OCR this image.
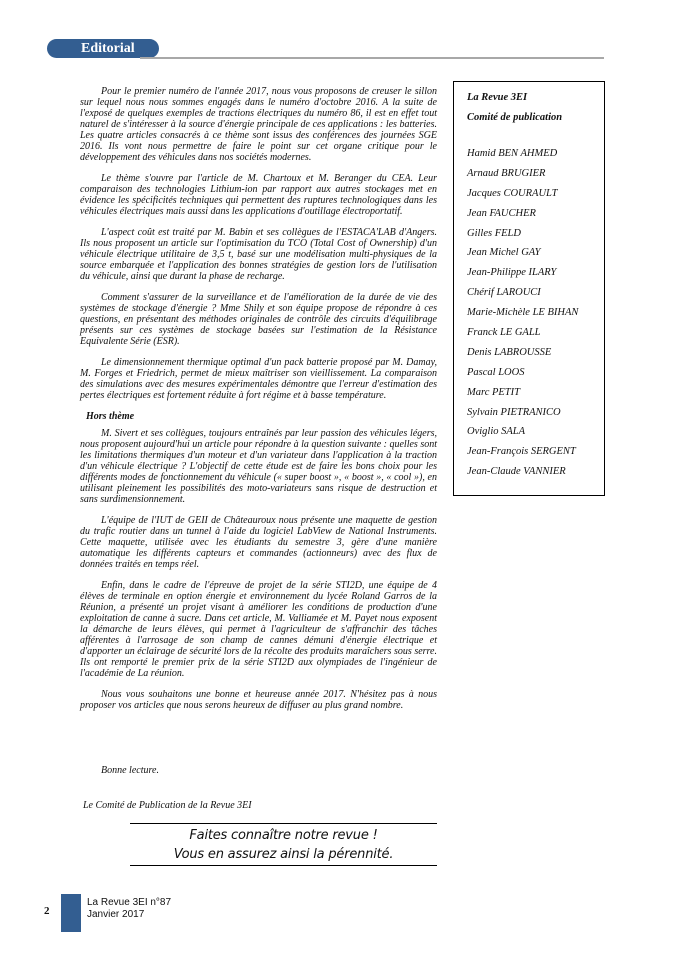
Editorial

Pour le premier numéro de l'année 2017, nous vous proposons de creuser le sillon sur lequel nous nous sommes engagés dans le numéro d'octobre 2016. A la suite de l'exposé de quelques exemples de tractions électriques du numéro 86, il est en effet tout naturel de s'intéresser à la source d'énergie principale de ces applications : les batteries. Les quatre articles consacrés à ce thème sont issus des conférences des journées SGE 2016. Ils vont nous permettre de faire le point sur cet organe critique pour le développement des véhicules dans nos sociétés modernes.

Le thème s'ouvre par l'article de M. Chartoux et M. Beranger du CEA. Leur comparaison des technologies Lithium-ion par rapport aux autres stockages met en évidence les spécificités techniques qui permettent des ruptures technologiques dans les véhicules électriques mais aussi dans les applications d'outillage électroportatif.

L'aspect coût est traité par M. Babin et ses collègues de l'ESTACA'LAB d'Angers. Ils nous proposent un article sur l'optimisation du TCO (Total Cost of Ownership) d'un véhicule électrique utilitaire de 3,5 t, basé sur une modélisation multi-physiques de la source embarquée et l'application des bonnes stratégies de gestion lors de l'utilisation du véhicule, ainsi que durant la phase de recharge.

Comment s'assurer de la surveillance et de l'amélioration de la durée de vie des systèmes de stockage d'énergie ? Mme Shily et son équipe propose de répondre à ces questions, en présentant des méthodes originales de contrôle des circuits d'équilibrage présents sur ces systèmes de stockage basées sur l'estimation de la Résistance Equivalente Série (ESR).

Le dimensionnement thermique optimal d'un pack batterie proposé par M. Damay, M. Forges et Friedrich, permet de mieux maîtriser son vieillissement. La comparaison des simulations avec des mesures expérimentales démontre que l'erreur d'estimation des pertes électriques est fortement réduite à fort régime et à basse température.

Hors thème

M. Sivert et ses collègues, toujours entraînés par leur passion des véhicules légers, nous proposent aujourd'hui un article pour répondre à la question suivante : quelles sont les limitations thermiques d'un moteur et d'un variateur dans l'application à la traction d'un véhicule électrique ? L'objectif de cette étude est de faire les bons choix pour les différents modes de fonctionnement du véhicule (« super boost », « boost », « cool »), en utilisant pleinement les possibilités des moto-variateurs sans risque de destruction et sans surdimensionnement.

L'équipe de l'IUT de GEII de Châteauroux nous présente une maquette de gestion du trafic routier dans un tunnel à l'aide du logiciel LabView de National Instruments. Cette maquette, utilisée avec les étudiants du semestre 3, gère d'une manière automatique les différents capteurs et commandes (actionneurs) avec des flux de données traités en temps réel.

Enfin, dans le cadre de l'épreuve de projet de la série STI2D, une équipe de 4 élèves de terminale en option énergie et environnement du lycée Roland Garros de la Réunion, a présenté un projet visant à améliorer les conditions de production d'une exploitation de canne à sucre. Dans cet article, M. Valliamée et M. Payet nous exposent la démarche de leurs élèves, qui permet à l'agriculteur de s'affranchir des tâches afférentes à l'arrosage de son champ de cannes démuni d'énergie électrique et d'apporter un éclairage de sécurité lors de la récolte des produits maraîchers sous serre. Ils ont remporté le premier prix de la série STI2D aux olympiades de l'ingénieur de l'académie de La réunion.

Nous vous souhaitons une bonne et heureuse année 2017. N'hésitez pas à nous proposer vos articles que nous serons heureux de diffuser au plus grand nombre.

Bonne lecture.
Le Comité de Publication de la Revue 3EI
Faites connaître notre revue !
Vous en assurez ainsi la pérennité.
La Revue 3EI
Comité de publication
Hamid BEN AHMED
Arnaud BRUGIER
Jacques COURAULT
Jean FAUCHER
Gilles FELD
Jean Michel GAY
Jean-Philippe ILARY
Chérif LAROUCI
Marie-Michèle LE BIHAN
Franck LE GALL
Denis LABROUSSE
Pascal LOOS
Marc PETIT
Sylvain PIETRANICO
Oviglio SALA
Jean-François SERGENT
Jean-Claude VANNIER
2
La Revue 3EI n°87
Janvier 2017
